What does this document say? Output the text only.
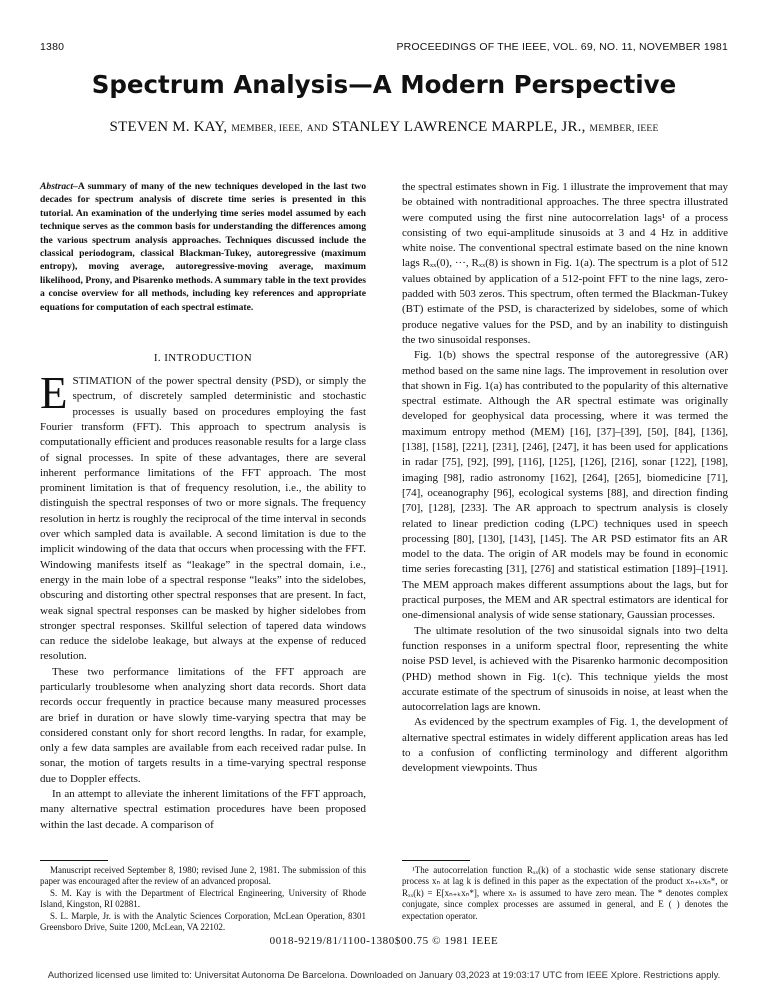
1380	PROCEEDINGS OF THE IEEE, VOL. 69, NO. 11, NOVEMBER 1981
Spectrum Analysis—A Modern Perspective
STEVEN M. KAY, MEMBER, IEEE, AND STANLEY LAWRENCE MARPLE, JR., MEMBER, IEEE
Abstract–A summary of many of the new techniques developed in the last two decades for spectrum analysis of discrete time series is presented in this tutorial. An examination of the underlying time series model assumed by each technique serves as the common basis for understanding the differences among the various spectrum analysis approaches. Techniques discussed include the classical periodogram, classical Blackman-Tukey, autoregressive (maximum entropy), moving average, autoregressive-moving average, maximum likelihood, Prony, and Pisarenko methods. A summary table in the text provides a concise overview for all methods, including key references and appropriate equations for computation of each spectral estimate.
I. INTRODUCTION

ESTIMATION of the power spectral density (PSD), or simply the spectrum, of discretely sampled deterministic and stochastic processes is usually based on procedures employing the fast Fourier transform (FFT). This approach to spectrum analysis is computationally efficient and produces reasonable results for a large class of signal processes. In spite of these advantages, there are several inherent performance limitations of the FFT approach. The most prominent limitation is that of frequency resolution, i.e., the ability to distinguish the spectral responses of two or more signals. The frequency resolution in hertz is roughly the reciprocal of the time interval in seconds over which sampled data is available. A second limitation is due to the implicit windowing of the data that occurs when processing with the FFT. Windowing manifests itself as “leakage” in the spectral domain, i.e., energy in the main lobe of a spectral response “leaks” into the sidelobes, obscuring and distorting other spectral responses that are present. In fact, weak signal spectral responses can be masked by higher sidelobes from stronger spectral responses. Skillful selection of tapered data windows can reduce the sidelobe leakage, but always at the expense of reduced resolution.

These two performance limitations of the FFT approach are particularly troublesome when analyzing short data records. Short data records occur frequently in practice because many measured processes are brief in duration or have slowly time-varying spectra that may be considered constant only for short record lengths. In radar, for example, only a few data samples are available from each received radar pulse. In sonar, the motion of targets results in a time-varying spectral response due to Doppler effects.

In an attempt to alleviate the inherent limitations of the FFT approach, many alternative spectral estimation procedures have been proposed within the last decade. A comparison of

the spectral estimates shown in Fig. 1 illustrate the improvement that may be obtained with nontraditional approaches. The three spectra illustrated were computed using the first nine autocorrelation lags¹ of a process consisting of two equi-amplitude sinusoids at 3 and 4 Hz in additive white noise. The conventional spectral estimate based on the nine known lags Rₓₓ(0), ···, Rₓₓ(8) is shown in Fig. 1(a). The spectrum is a plot of 512 values obtained by application of a 512-point FFT to the nine lags, zero-padded with 503 zeros. This spectrum, often termed the Blackman-Tukey (BT) estimate of the PSD, is characterized by sidelobes, some of which produce negative values for the PSD, and by an inability to distinguish the two sinusoidal responses.

Fig. 1(b) shows the spectral response of the autoregressive (AR) method based on the same nine lags. The improvement in resolution over that shown in Fig. 1(a) has contributed to the popularity of this alternative spectral estimate. Although the AR spectral estimate was originally developed for geophysical data processing, where it was termed the maximum entropy method (MEM) [16], [37]–[39], [50], [84], [136], [138], [158], [221], [231], [246], [247], it has been used for applications in radar [75], [92], [99], [116], [125], [126], [216], sonar [122], [198], imaging [98], radio astronomy [162], [264], [265], biomedicine [71], [74], oceanography [96], ecological systems [88], and direction finding [70], [128], [233]. The AR approach to spectrum analysis is closely related to linear prediction coding (LPC) techniques used in speech processing [80], [130], [143], [145]. The AR PSD estimator fits an AR model to the data. The origin of AR models may be found in economic time series forecasting [31], [276] and statistical estimation [189]–[191]. The MEM approach makes different assumptions about the lags, but for practical purposes, the MEM and AR spectral estimators are identical for one-dimensional analysis of wide sense stationary, Gaussian processes.

The ultimate resolution of the two sinusoidal signals into two delta function responses in a uniform spectral floor, representing the white noise PSD level, is achieved with the Pisarenko harmonic decomposition (PHD) method shown in Fig. 1(c). This technique yields the most accurate estimate of the spectrum of sinusoids in noise, at least when the autocorrelation lags are known.

As evidenced by the spectrum examples of Fig. 1, the development of alternative spectral estimates in widely different application areas has led to a confusion of conflicting terminology and different algorithm development viewpoints. Thus

Manuscript received September 8, 1980; revised June 2, 1981. The submission of this paper was encouraged after the review of an advanced proposal.

S. M. Kay is with the Department of Electrical Engineering, University of Rhode Island, Kingston, RI 02881.

S. L. Marple, Jr. is with the Analytic Sciences Corporation, McLean Operation, 8301 Greensboro Drive, Suite 1200, McLean, VA 22102.

¹The autocorrelation function Rₓₓ(k) of a stochastic wide sense stationary discrete process xₙ at lag k is defined in this paper as the expectation of the product xₙ₊ₖxₙ*, or Rₓₓ(k) = E[xₙ₊ₖxₙ*], where xₙ is assumed to have zero mean. The * denotes complex conjugate, since complex processes are assumed in general, and E ( ) denotes the expectation operator.

0018-9219/81/1100-1380$00.75 © 1981 IEEE
Authorized licensed use limited to: Universitat Autonoma De Barcelona. Downloaded on January 03,2023 at 19:03:17 UTC from IEEE Xplore. Restrictions apply.
